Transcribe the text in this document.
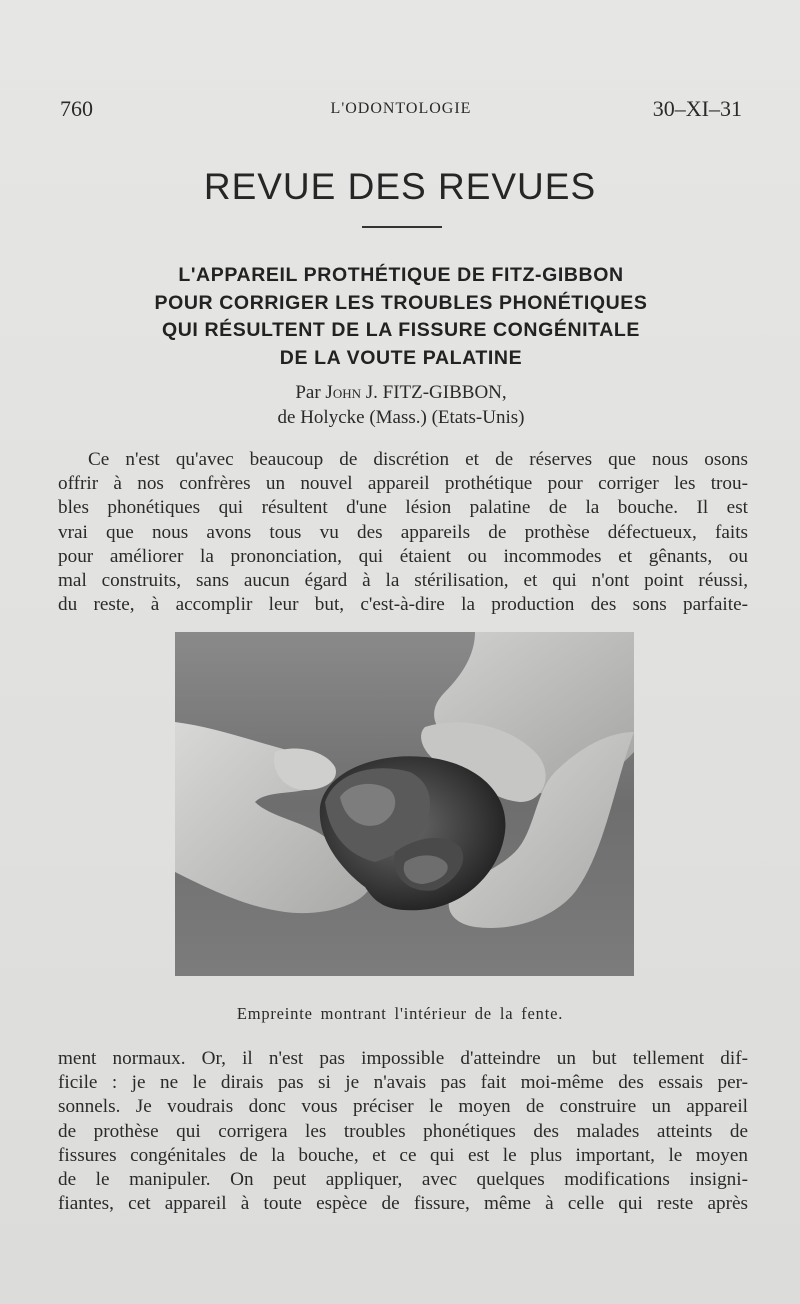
760	L'ODONTOLOGIE	30–XI–31
REVUE DES REVUES
L'APPAREIL PROTHÉTIQUE DE FITZ-GIBBON
POUR CORRIGER LES TROUBLES PHONÉTIQUES
QUI RÉSULTENT DE LA FISSURE CONGÉNITALE
DE LA VOUTE PALATINE
Par John J. FITZ-GIBBON,
de Holycke (Mass.) (Etats-Unis)
Ce n'est qu'avec beaucoup de discrétion et de réserves que nous osons
offrir à nos confrères un nouvel appareil prothétique pour corriger les trou-
bles phonétiques qui résultent d'une lésion palatine de la bouche. Il est
vrai que nous avons tous vu des appareils de prothèse défectueux, faits
pour améliorer la prononciation, qui étaient ou incommodes et gênants, ou
mal construits, sans aucun égard à la stérilisation, et qui n'ont point réussi,
du reste, à accomplir leur but, c'est-à-dire la production des sons parfaite-
Empreinte montrant l'intérieur de la fente.
ment normaux. Or, il n'est pas impossible d'atteindre un but tellement dif-
ficile : je ne le dirais pas si je n'avais pas fait moi-même des essais per-
sonnels. Je voudrais donc vous préciser le moyen de construire un appareil
de prothèse qui corrigera les troubles phonétiques des malades atteints de
fissures congénitales de la bouche, et ce qui est le plus important, le moyen
de le manipuler. On peut appliquer, avec quelques modifications insigni-
fiantes, cet appareil à toute espèce de fissure, même à celle qui reste après
